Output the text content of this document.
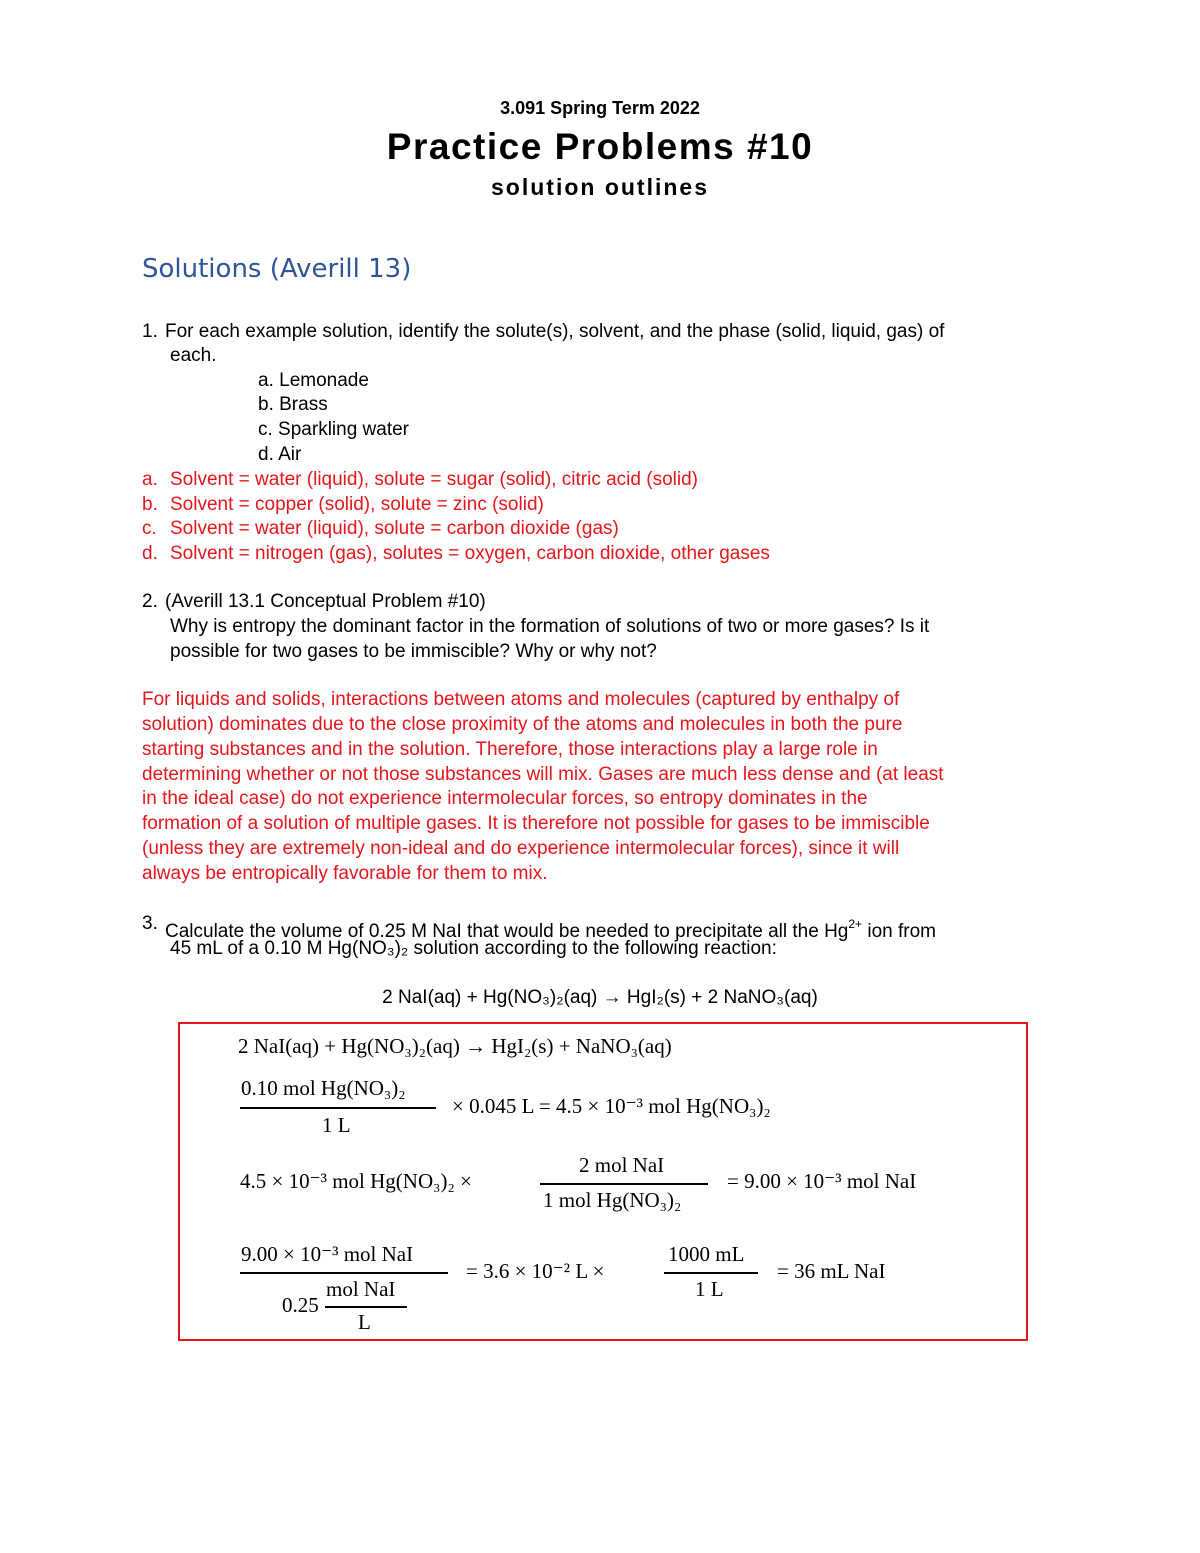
3.091 Spring Term 2022
Practice Problems #10
solution outlines
Solutions (Averill 13)
1. For each example solution, identify the solute(s), solvent, and the phase (solid, liquid, gas) of
each.
a. Lemonade
b. Brass
c. Sparkling water
d. Air
a. Solvent = water (liquid), solute = sugar (solid), citric acid (solid)
b. Solvent = copper (solid), solute = zinc (solid)
c. Solvent = water (liquid), solute = carbon dioxide (gas)
d. Solvent = nitrogen (gas), solutes = oxygen, carbon dioxide, other gases
2. (Averill 13.1 Conceptual Problem #10)
Why is entropy the dominant factor in the formation of solutions of two or more gases? Is it
possible for two gases to be immiscible? Why or why not?
For liquids and solids, interactions between atoms and molecules (captured by enthalpy of
solution) dominates due to the close proximity of the atoms and molecules in both the pure
starting substances and in the solution. Therefore, those interactions play a large role in
determining whether or not those substances will mix. Gases are much less dense and (at least
in the ideal case) do not experience intermolecular forces, so entropy dominates in the
formation of a solution of multiple gases. It is therefore not possible for gases to be immiscible
(unless they are extremely non-ideal and do experience intermolecular forces), since it will
always be entropically favorable for them to mix.
3. Calculate the volume of 0.25 M NaI that would be needed to precipitate all the $Hg^{2+}$ ion from
45 mL of a 0.10 M Hg(NO₃)₂ solution according to the following reaction:
2 NaI(aq) + Hg(NO₃)₂(aq) → HgI₂(s) + 2 NaNO₃(aq)
2 NaI(aq) + Hg(NO₃)₂(aq) → HgI₂(s) + NaNO₃(aq)
0.10 mol Hg(NO₃)₂
1 L
× 0.045 L = 4.5 × 10⁻³ mol Hg(NO₃)₂
4.5 × 10⁻³ mol Hg(NO₃)₂ ×
2 mol NaI
1 mol Hg(NO₃)₂
= 9.00 × 10⁻³ mol NaI
9.00 × 10⁻³ mol NaI
0.25
mol NaI
L
= 3.6 × 10⁻² L ×
1000 mL
1 L
= 36 mL NaI
